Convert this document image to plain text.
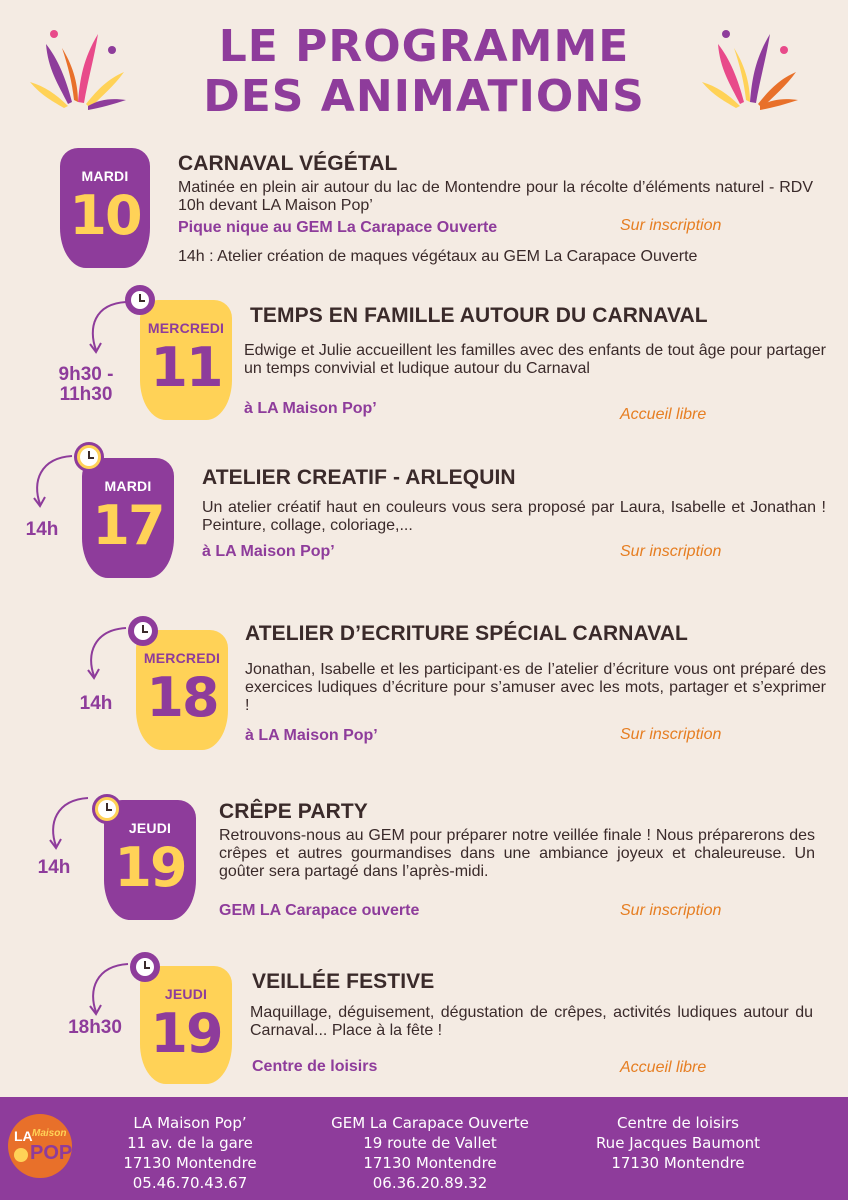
LE PROGRAMME
DES ANIMATIONS
MARDI
10
CARNAVAL VÉGÉTAL
Matinée en plein air autour du lac de Montendre pour la récolte d’éléments naturel - RDV 10h devant LA Maison Pop’
Pique nique au GEM La Carapace Ouverte	Sur inscription
14h : Atelier création de maques végétaux au GEM La Carapace Ouverte
MERCREDI
11
9h30 - 11h30
TEMPS EN FAMILLE AUTOUR DU CARNAVAL
Edwige et Julie accueillent les familles avec des enfants de tout âge pour partager un temps convivial et ludique autour du Carnaval
à LA Maison Pop’	Accueil libre
MARDI
17
14h
ATELIER CREATIF - ARLEQUIN
Un atelier créatif haut en couleurs vous sera proposé par Laura, Isabelle et Jonathan ! Peinture, collage, coloriage,...
à LA Maison Pop’	Sur inscription
MERCREDI
18
14h
ATELIER D’ECRITURE SPÉCIAL CARNAVAL
Jonathan, Isabelle et les participant·es de l’atelier d’écriture vous ont préparé des exercices ludiques d’écriture pour s’amuser avec les mots, partager et s’exprimer !
à LA Maison Pop’	Sur inscription
JEUDI
19
14h
CRÊPE PARTY
Retrouvons-nous au GEM pour préparer notre veillée finale ! Nous préparerons des crêpes et autres gourmandises dans une ambiance joyeux et chaleureuse. Un goûter sera partagé dans l’après-midi.
GEM LA Carapace ouverte	Sur inscription
JEUDI
19
18h30
VEILLÉE FESTIVE
Maquillage, déguisement, dégustation de crêpes, activités ludiques autour du Carnaval... Place à la fête !
Centre de loisirs	Accueil libre
LA Maison
POP’
LA Maison Pop’
11 av. de la gare
17130 Montendre
05.46.70.43.67
GEM La Carapace Ouverte
19 route de Vallet
17130 Montendre
06.36.20.89.32
Centre de loisirs
Rue Jacques Baumont
17130 Montendre
